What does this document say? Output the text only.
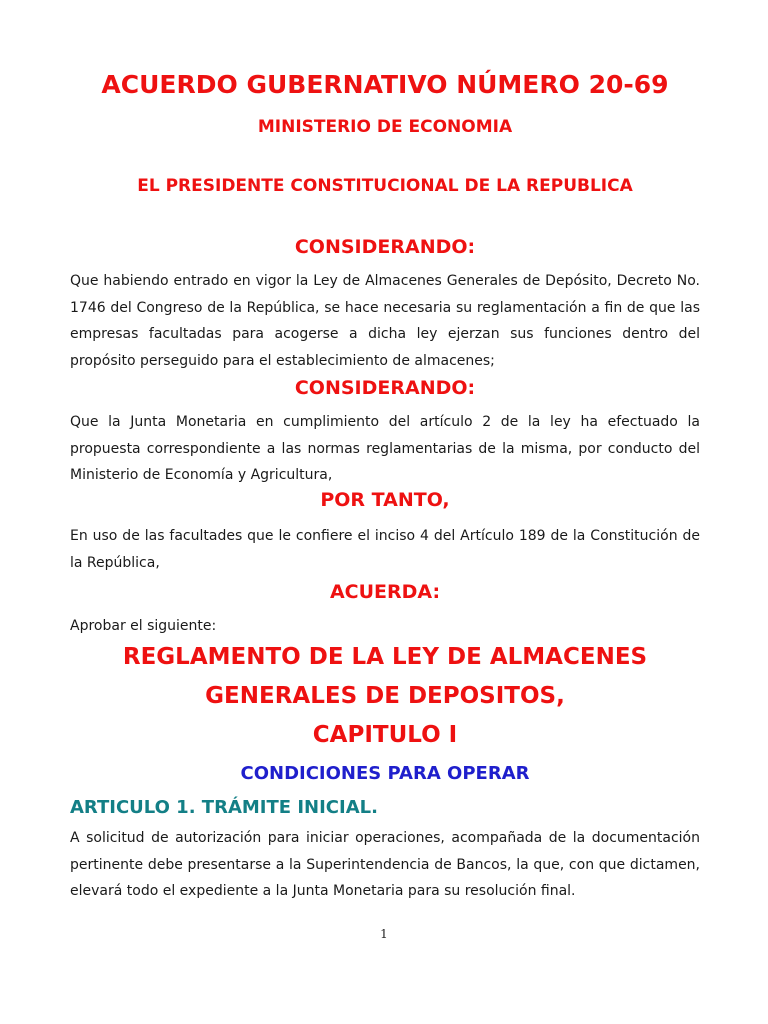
ACUERDO GUBERNATIVO NÚMERO 20-69
MINISTERIO DE ECONOMIA
EL PRESIDENTE CONSTITUCIONAL DE LA REPUBLICA
CONSIDERANDO:
Que habiendo entrado en vigor la Ley de Almacenes Generales de Depósito, Decreto No. 1746 del Congreso de la República, se hace necesaria su reglamentación a fin de que las empresas facultadas para acogerse a dicha ley ejerzan sus funciones dentro del propósito perseguido para el establecimiento de almacenes;
CONSIDERANDO:
Que la Junta Monetaria en cumplimiento del artículo 2 de la ley ha efectuado la propuesta correspondiente a las normas reglamentarias de la misma, por conducto del Ministerio de Economía y Agricultura,
POR TANTO,
En uso de las facultades que le confiere el inciso 4 del Artículo 189 de la Constitución de la República,
ACUERDA:
Aprobar el siguiente:
REGLAMENTO DE LA LEY DE ALMACENES
GENERALES DE DEPOSITOS,
CAPITULO I
CONDICIONES PARA OPERAR
ARTICULO 1. TRÁMITE INICIAL.
A solicitud de autorización para iniciar operaciones, acompañada de la documentación pertinente debe presentarse a la Superintendencia de Bancos, la que, con que dictamen, elevará todo el expediente a la Junta Monetaria para su resolución final.
1
